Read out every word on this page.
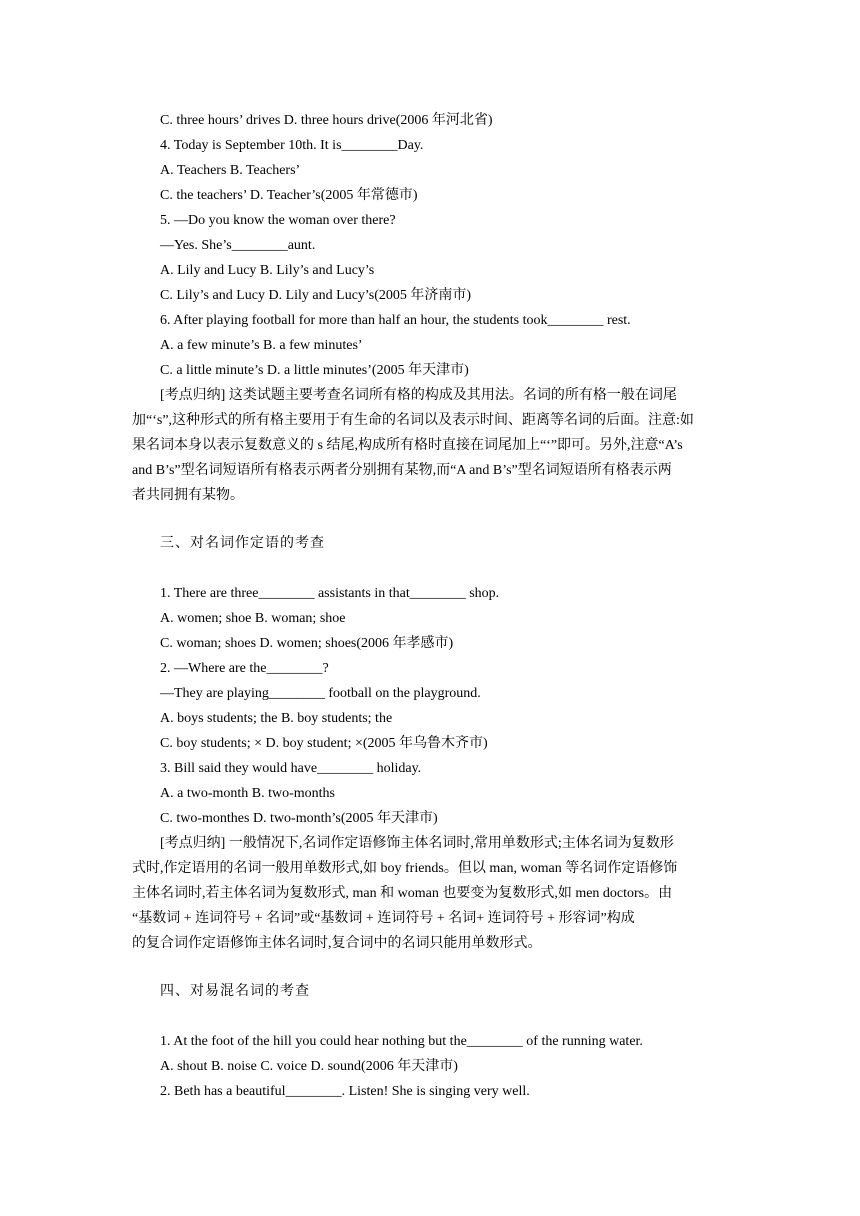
C. three hours’ drives D. three hours drive(2006 年河北省)
4. Today is September 10th. It is________Day.
A. Teachers B. Teachers’
C. the teachers’ D. Teacher’s(2005 年常德市)
5. —Do you know the woman over there?
—Yes. She’s________aunt.
A. Lily and Lucy B. Lily’s and Lucy’s
C. Lily’s and Lucy D. Lily and Lucy’s(2005 年济南市)
6. After playing football for more than half an hour, the students took________ rest.
A. a few minute’s B. a few minutes’
C. a little minute’s D. a little minutes’(2005 年天津市)
[考点归纳] 这类试题主要考查名词所有格的构成及其用法。名词的所有格一般在词尾
加“‘s”,这种形式的所有格主要用于有生命的名词以及表示时间、距离等名词的后面。注意:如
果名词本身以表示复数意义的 s 结尾,构成所有格时直接在词尾加上“‘”即可。另外,注意“A’s
and B’s”型名词短语所有格表示两者分别拥有某物,而“A and B’s”型名词短语所有格表示两
者共同拥有某物。
三、对名词作定语的考查
1. There are three________ assistants in that________ shop.
A. women; shoe B. woman; shoe
C. woman; shoes D. women; shoes(2006 年孝感市)
2. —Where are the________?
—They are playing________ football on the playground.
A. boys students; the B. boy students; the
C. boy students; × D. boy student; ×(2005 年乌鲁木齐市)
3. Bill said they would have________ holiday.
A. a two-month B. two-months
C. two-monthes D. two-month’s(2005 年天津市)
[考点归纳] 一般情况下,名词作定语修饰主体名词时,常用单数形式;主体名词为复数形
式时,作定语用的名词一般用单数形式,如 boy friends。但以 man, woman 等名词作定语修饰
主体名词时,若主体名词为复数形式, man 和 woman 也要变为复数形式,如 men doctors。由
“基数词 + 连词符号 + 名词”或“基数词 + 连词符号 + 名词+ 连词符号 + 形容词”构成
的复合词作定语修饰主体名词时,复合词中的名词只能用单数形式。
四、对易混名词的考查
1. At the foot of the hill you could hear nothing but the________ of the running water.
A. shout B. noise C. voice D. sound(2006 年天津市)
2. Beth has a beautiful________. Listen! She is singing very well.
